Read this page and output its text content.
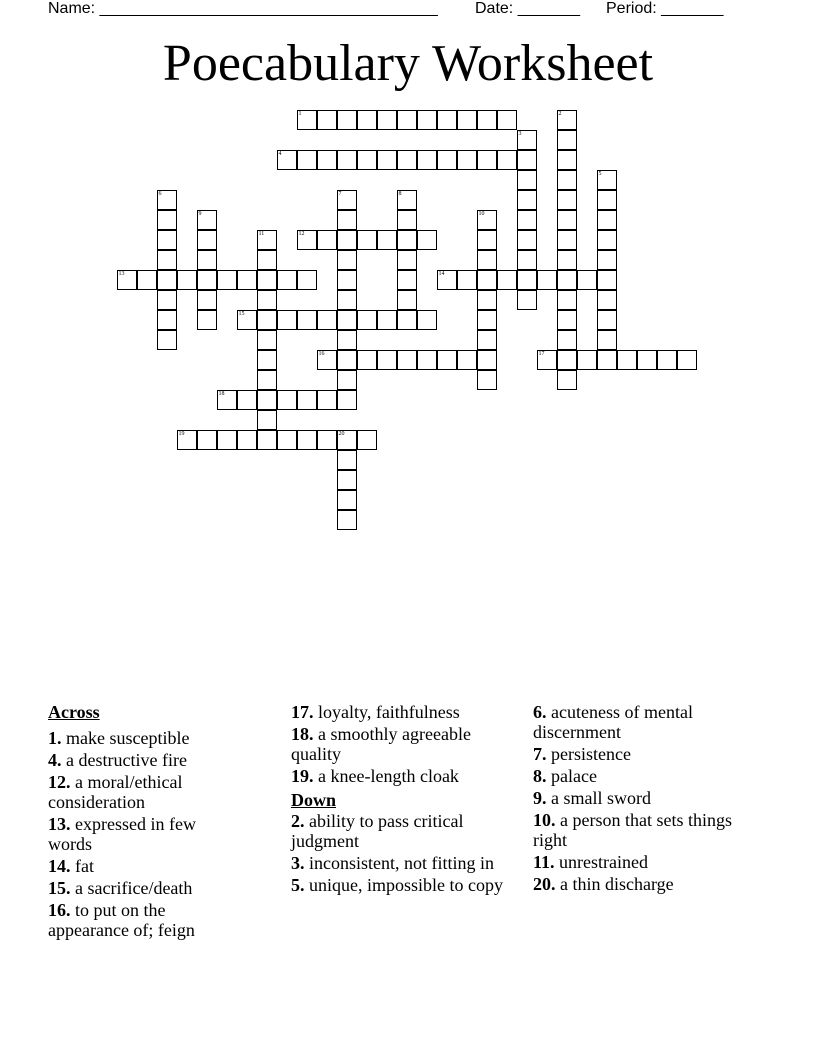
Name: ______________________________________ Date: _______ Period: _______
Poecabulary Worksheet
1	2
3
4
5
6	7	8
9	10
11	12
13	14
15
16	17
18
19	20
Across
1. make susceptible
4. a destructive fire
12. a moral/ethical consideration
13. expressed in few words
14. fat
15. a sacrifice/death
16. to put on the appearance of; feign
17. loyalty, faithfulness
18. a smoothly agreeable quality
19. a knee-length cloak
Down
2. ability to pass critical judgment
3. inconsistent, not fitting in
5. unique, impossible to copy
6. acuteness of mental discernment
7. persistence
8. palace
9. a small sword
10. a person that sets things right
11. unrestrained
20. a thin discharge
